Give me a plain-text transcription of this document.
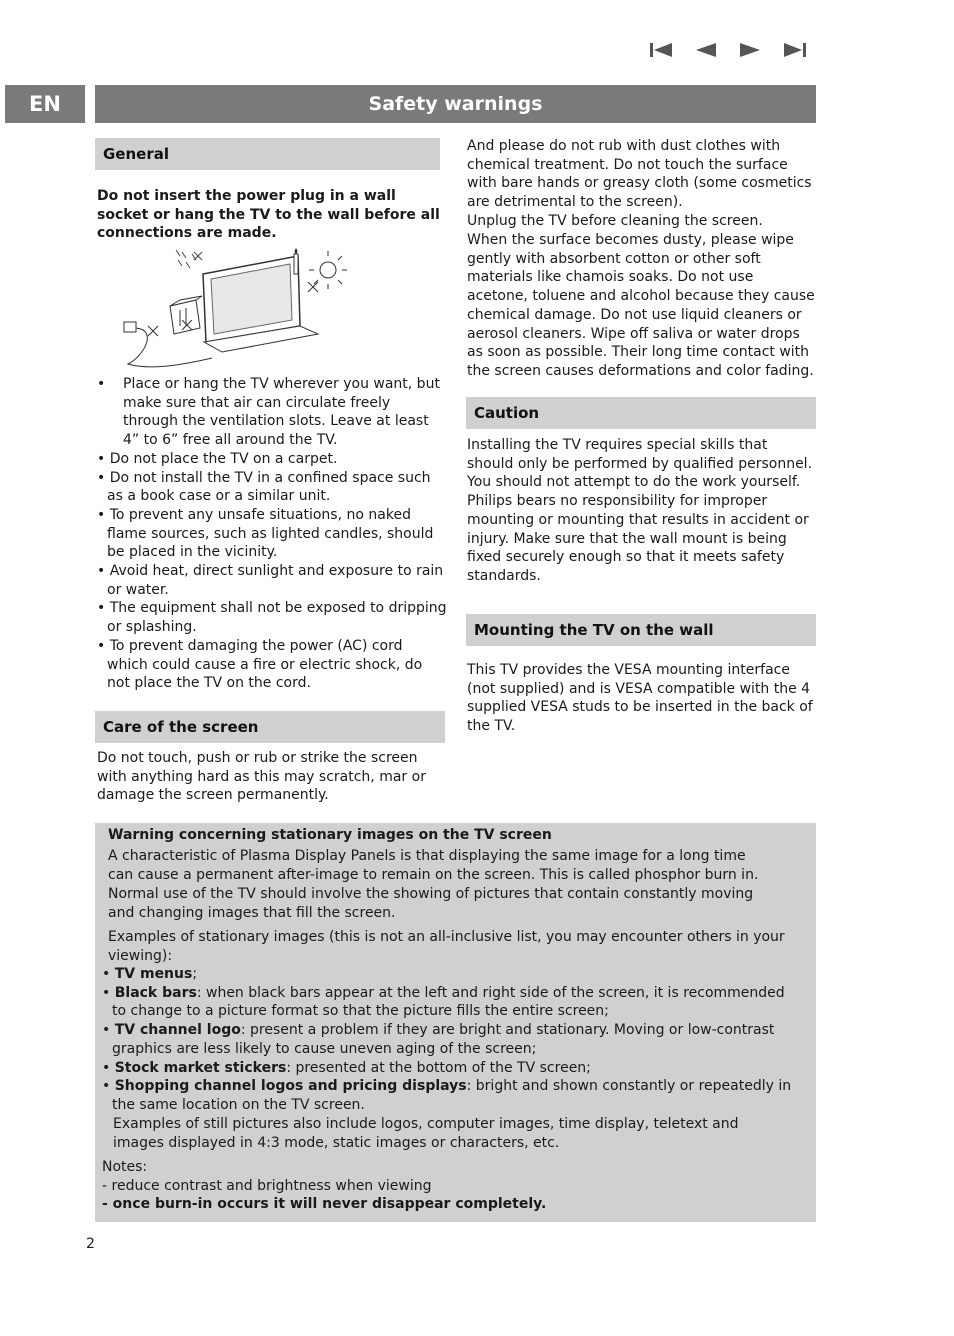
EN	Safety warnings
General

Do not insert the power plug in a wall socket or hang the TV to the wall before all connections are made.

• Place or hang the TV wherever you want, but make sure that air can circulate freely through the ventilation slots. Leave at least 4” to 6” free all around the TV.
• Do not place the TV on a carpet.
• Do not install the TV in a confined space such as a book case or a similar unit.
• To prevent any unsafe situations, no naked flame sources, such as lighted candles, should be placed in the vicinity.
• Avoid heat, direct sunlight and exposure to rain or water.
• The equipment shall not be exposed to dripping or splashing.
• To prevent damaging the power (AC) cord which could cause a fire or electric shock, do not place the TV on the cord.
Care of the screen

Do not touch, push or rub or strike the screen with anything hard as this may scratch, mar or damage the screen permanently.

And please do not rub with dust clothes with chemical treatment. Do not touch the surface with bare hands or greasy cloth (some cosmetics are detrimental to the screen).

Unplug the TV before cleaning the screen.

When the surface becomes dusty, please wipe gently with absorbent cotton or other soft materials like chamois soaks. Do not use acetone, toluene and alcohol because they cause chemical damage. Do not use liquid cleaners or aerosol cleaners. Wipe off saliva or water drops as soon as possible. Their long time contact with the screen causes deformations and color fading.

Caution

Installing the TV requires special skills that should only be performed by qualified personnel. You should not attempt to do the work yourself. Philips bears no responsibility for improper mounting or mounting that results in accident or injury. Make sure that the wall mount is being fixed securely enough so that it meets safety standards.

Mounting the TV on the wall

This TV provides the VESA mounting interface (not supplied) and is VESA compatible with the 4 supplied VESA studs to be inserted in the back of the TV.

Warning concerning stationary images on the TV screen

A characteristic of Plasma Display Panels is that displaying the same image for a long time can cause a permanent after-image to remain on the screen. This is called phosphor burn in.

Normal use of the TV should involve the showing of pictures that contain constantly moving and changing images that fill the screen.

Examples of stationary images (this is not an all-inclusive list, you may encounter others in your viewing):

• TV menus;
• Black bars: when black bars appear at the left and right side of the screen, it is recommended to change to a picture format so that the picture fills the entire screen;
• TV channel logo: present a problem if they are bright and stationary. Moving or low-contrast graphics are less likely to cause uneven aging of the screen;
• Stock market stickers: presented at the bottom of the TV screen;
• Shopping channel logos and pricing displays: bright and shown constantly or repeatedly in the same location on the TV screen.

Examples of still pictures also include logos, computer images, time display, teletext and images displayed in 4:3 mode, static images or characters, etc.

Notes:

- reduce contrast and brightness when viewing

- once burn-in occurs it will never disappear completely.

2
